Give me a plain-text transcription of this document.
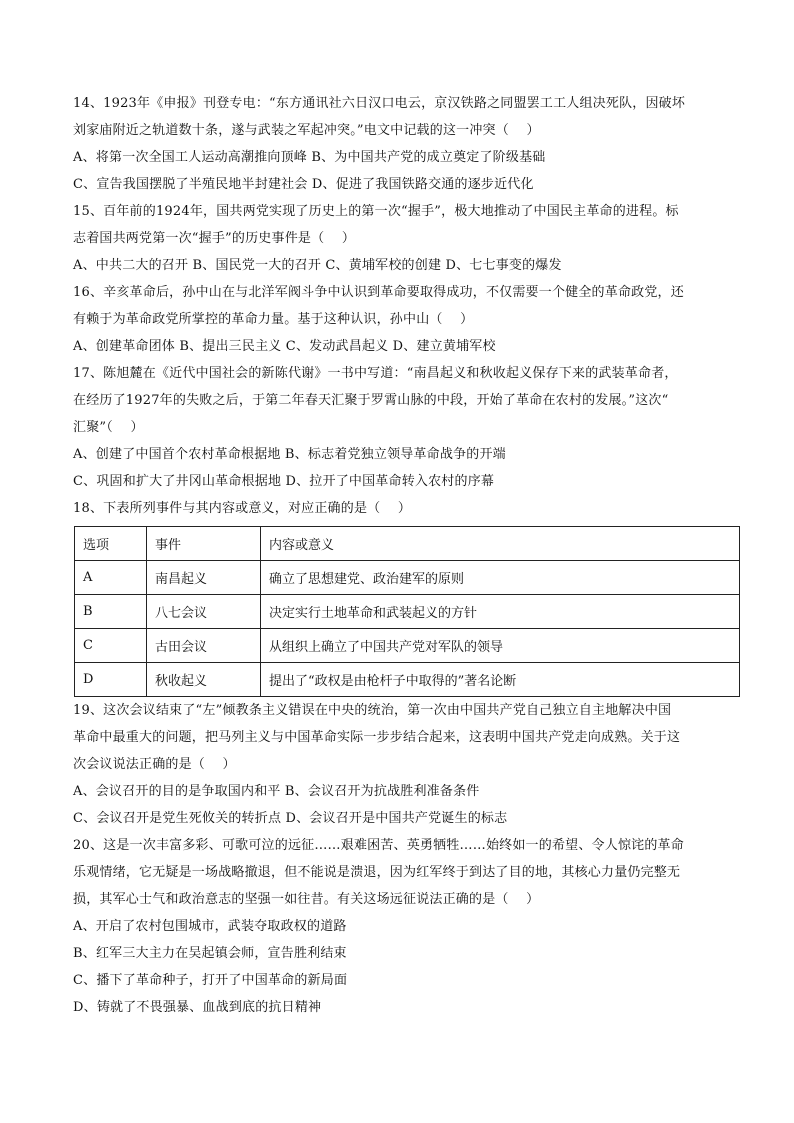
14、1923年《申报》刊登专电：“东方通讯社六日汉口电云，京汉铁路之同盟罢工工人组决死队，因破坏
刘家庙附近之轨道数十条，遂与武装之军起冲突。”电文中记载的这一冲突（　 ）
A、将第一次全国工人运动高潮推向顶峰 B、为中国共产党的成立奠定了阶级基础
C、宣告我国摆脱了半殖民地半封建社会 D、促进了我国铁路交通的逐步近代化
15、百年前的1924年，国共两党实现了历史上的第一次“握手”，极大地推动了中国民主革命的进程。标
志着国共两党第一次“握手”的历史事件是（　 ）
A、中共二大的召开 B、国民党一大的召开 C、黄埔军校的创建 D、七七事变的爆发
16、辛亥革命后，孙中山在与北洋军阀斗争中认识到革命要取得成功，不仅需要一个健全的革命政党，还
有赖于为革命政党所掌控的革命力量。基于这种认识，孙中山（　 ）
A、创建革命团体 B、提出三民主义 C、发动武昌起义 D、建立黄埔军校
17、陈旭麓在《近代中国社会的新陈代谢》一书中写道：“南昌起义和秋收起义保存下来的武装革命者，
在经历了1927年的失败之后，于第二年春天汇聚于罗霄山脉的中段，开始了革命在农村的发展。”这次“
汇聚”（　 ）
A、创建了中国首个农村革命根据地 B、标志着党独立领导革命战争的开端
C、巩固和扩大了井冈山革命根据地 D、拉开了中国革命转入农村的序幕
18、下表所列事件与其内容或意义，对应正确的是（　 ）
选项	事件	内容或意义
A	南昌起义	确立了思想建党、政治建军的原则
B	八七会议	决定实行土地革命和武装起义的方针
C	古田会议	从组织上确立了中国共产党对军队的领导
D	秋收起义	提出了“政权是由枪杆子中取得的”著名论断
19、这次会议结束了“左”倾教条主义错误在中央的统治，第一次由中国共产党自己独立自主地解决中国
革命中最重大的问题，把马列主义与中国革命实际一步步结合起来，这表明中国共产党走向成熟。关于这
次会议说法正确的是（　 ）
A、会议召开的目的是争取国内和平 B、会议召开为抗战胜利准备条件
C、会议召开是党生死攸关的转折点 D、会议召开是中国共产党诞生的标志
20、这是一次丰富多彩、可歌可泣的远征……艰难困苦、英勇牺牲……始终如一的希望、令人惊诧的革命
乐观情绪，它无疑是一场战略撤退，但不能说是溃退，因为红军终于到达了目的地，其核心力量仍完整无
损，其军心士气和政治意志的坚强一如往昔。有关这场远征说法正确的是（　 ）
A、开启了农村包围城市，武装夺取政权的道路
B、红军三大主力在吴起镇会师，宣告胜利结束
C、播下了革命种子，打开了中国革命的新局面
D、铸就了不畏强暴、血战到底的抗日精神
